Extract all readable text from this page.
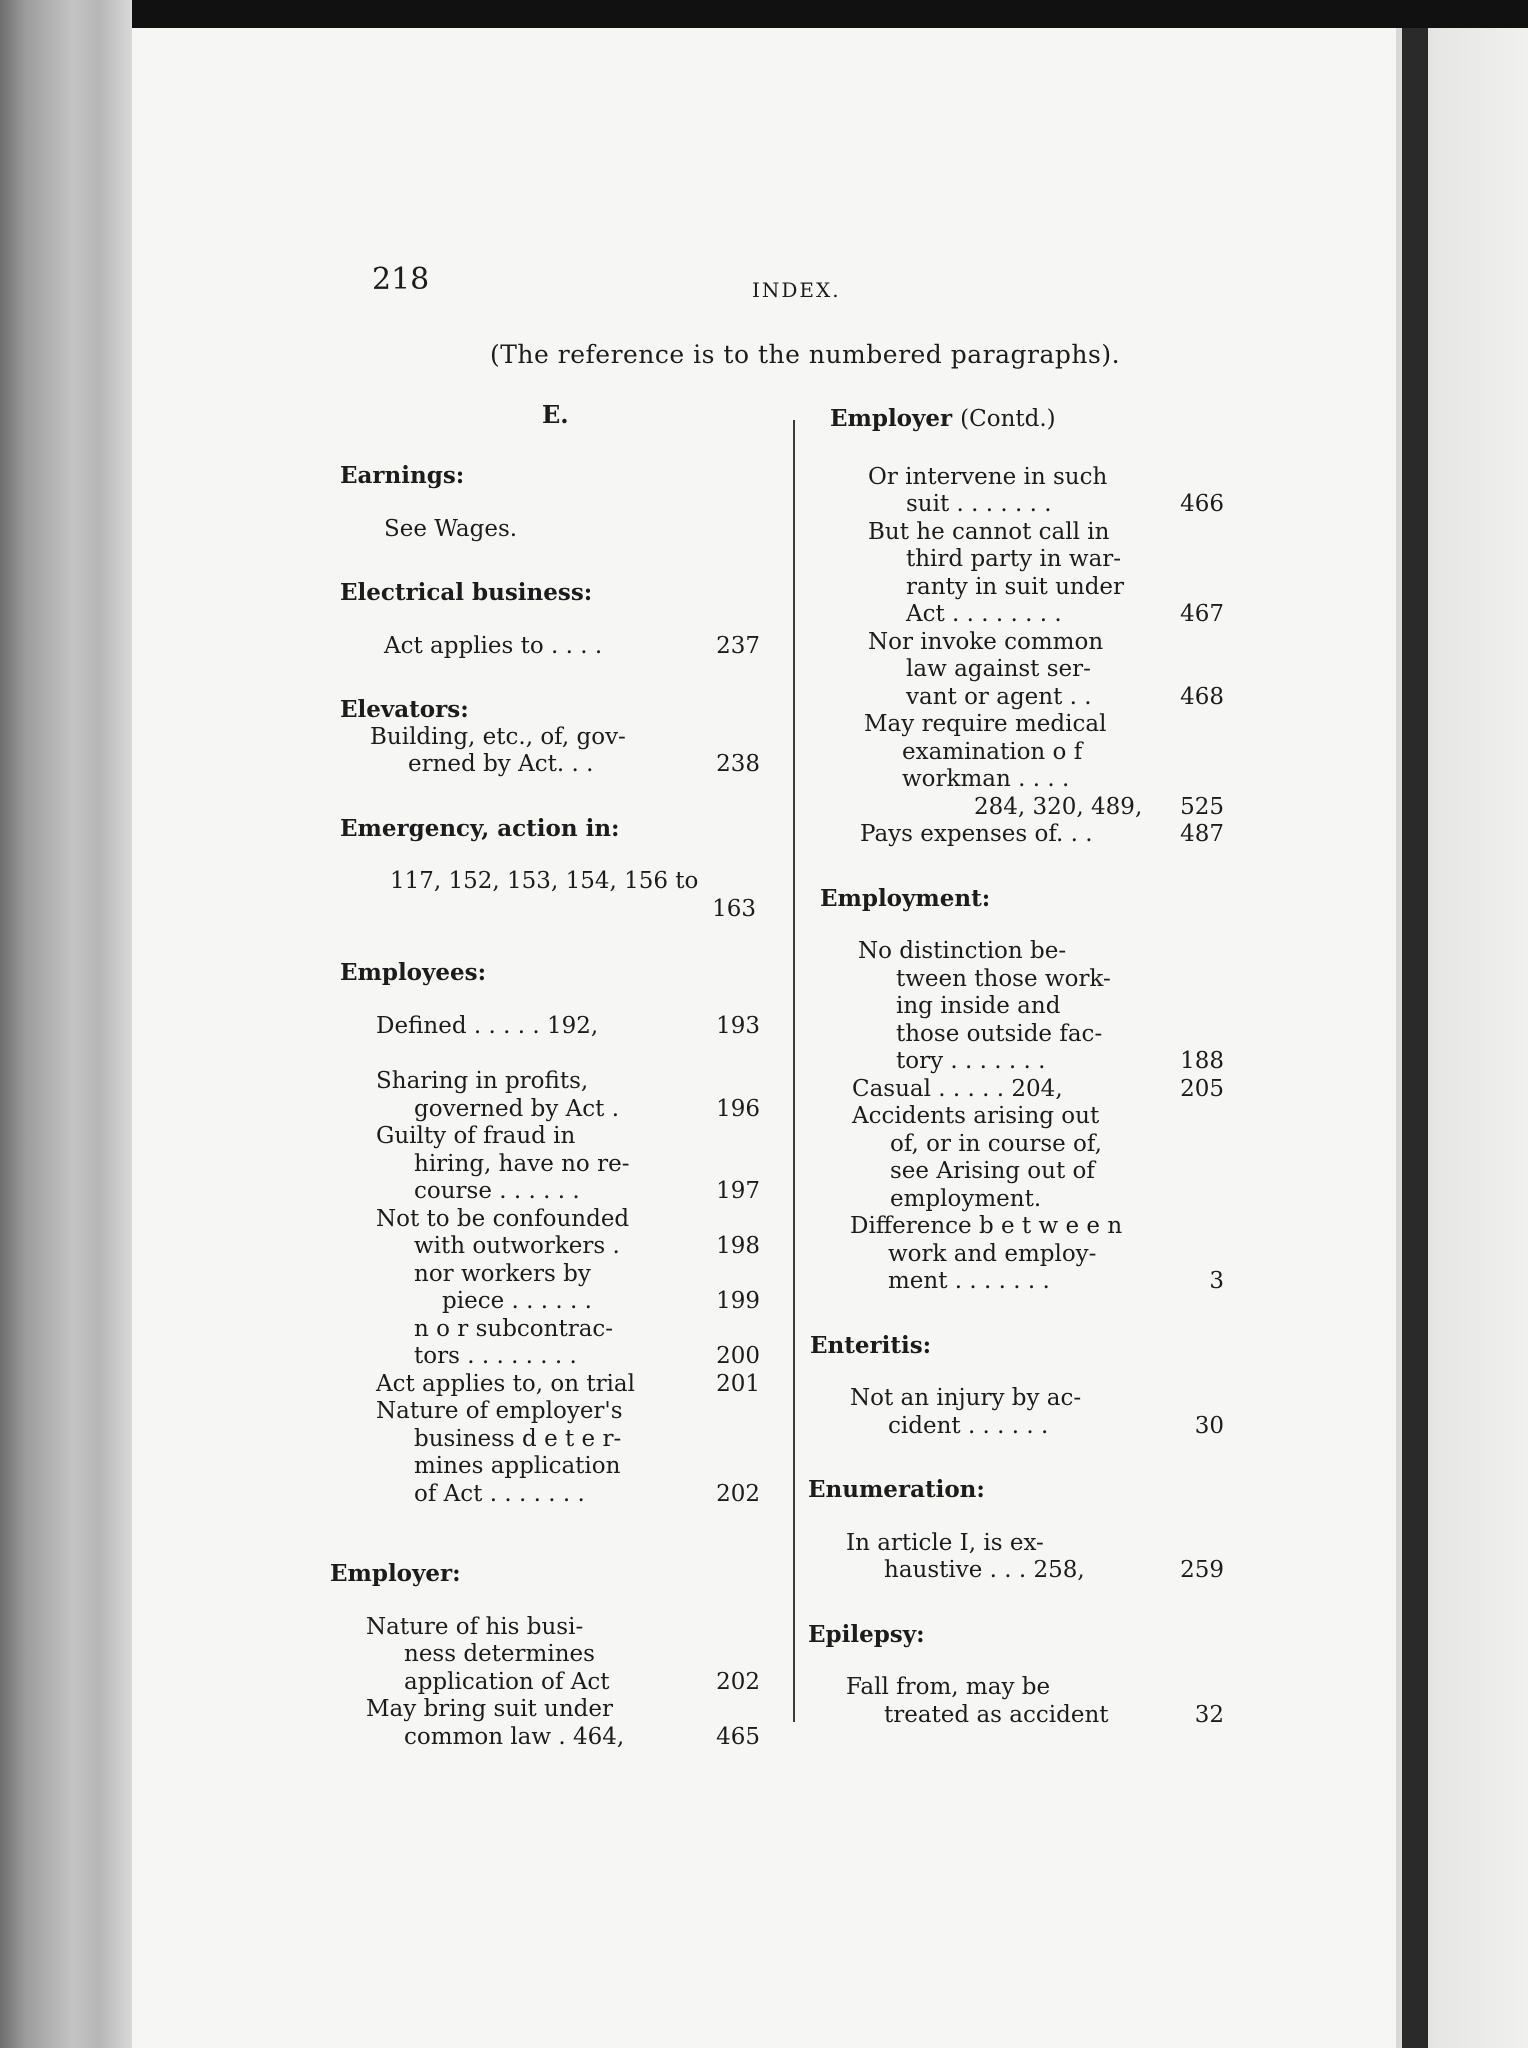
218	INDEX.
(The reference is to the numbered paragraphs).
E.
Earnings:
See Wages.
Electrical business:
Act applies to . . . .	237
Elevators:
Building, etc., of, gov-
erned by Act. . .	238
Emergency, action in:
117, 152, 153, 154, 156 to
163
Employees:
Defined . . . . . 192,	193
Sharing in profits,
governed by Act .	196
Guilty of fraud in
hiring, have no re-
course . . . . . .	197
Not to be confounded
with outworkers .	198
nor workers by
piece . . . . . .	199
n o r subcontrac-
tors . . . . . . . .	200
Act applies to, on trial	201
Nature of employer's
business d e t e r-
mines application
of Act . . . . . . .	202
Employer:
Nature of his busi-
ness determines
application of Act	202
May bring suit under
common law . 464,	465
Employer (Contd.)
Or intervene in such
suit . . . . . . .	466
But he cannot call in
third party in war-
ranty in suit under
Act . . . . . . . .	467
Nor invoke common
law against ser-
vant or agent . .	468
May require medical
examination o f
workman . . . .
284, 320, 489,	525
Pays expenses of. . .	487
Employment:
No distinction be-
tween those work-
ing inside and
those outside fac-
tory . . . . . . .	188
Casual . . . . . 204,	205
Accidents arising out
of, or in course of,
see Arising out of
employment.
Difference b e t w e e n
work and employ-
ment . . . . . . .	3
Enteritis:
Not an injury by ac-
cident . . . . . .	30
Enumeration:
In article I, is ex-
haustive . . . 258,	259
Epilepsy:
Fall from, may be
treated as accident	32
